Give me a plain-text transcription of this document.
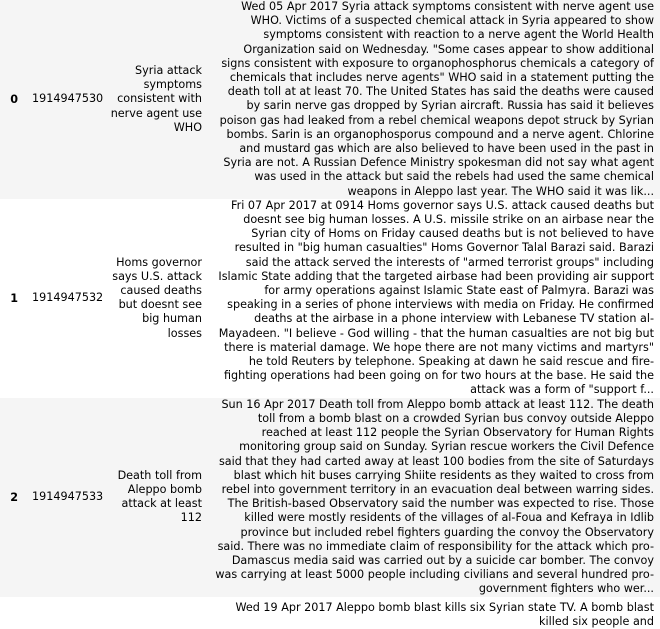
0	1914947530	Syria attack symptoms consistent with nerve agent use WHO	Wed 05 Apr 2017 Syria attack symptoms consistent with nerve agent use WHO. Victims of a suspected chemical attack in Syria appeared to show symptoms consistent with reaction to a nerve agent the World Health Organization said on Wednesday. "Some cases appear to show additional signs consistent with exposure to organophosphorus chemicals a category of chemicals that includes nerve agents" WHO said in a statement putting the death toll at at least 70. The United States has said the deaths were caused by sarin nerve gas dropped by Syrian aircraft. Russia has said it believes poison gas had leaked from a rebel chemical weapons depot struck by Syrian bombs. Sarin is an organophosporus compound and a nerve agent. Chlorine and mustard gas which are also believed to have been used in the past in Syria are not. A Russian Defence Ministry spokesman did not say what agent was used in the attack but said the rebels had used the same chemical weapons in Aleppo last year. The WHO said it was lik...
1	1914947532	Homs governor says U.S. attack caused deaths but doesnt see big human losses	Fri 07 Apr 2017 at 0914 Homs governor says U.S. attack caused deaths but doesnt see big human losses. A U.S. missile strike on an airbase near the Syrian city of Homs on Friday caused deaths but is not believed to have resulted in "big human casualties" Homs Governor Talal Barazi said. Barazi said the attack served the interests of "armed terrorist groups" including Islamic State adding that the targeted airbase had been providing air support for army operations against Islamic State east of Palmyra. Barazi was speaking in a series of phone interviews with media on Friday. He confirmed deaths at the airbase in a phone interview with Lebanese TV station al-Mayadeen. "I believe - God willing - that the human casualties are not big but there is material damage. We hope there are not many victims and martyrs" he told Reuters by telephone. Speaking at dawn he said rescue and fire-fighting operations had been going on for two hours at the base. He said the attack was a form of "support f...
2	1914947533	Death toll from Aleppo bomb attack at least 112	Sun 16 Apr 2017 Death toll from Aleppo bomb attack at least 112. The death toll from a bomb blast on a crowded Syrian bus convoy outside Aleppo reached at least 112 people the Syrian Observatory for Human Rights monitoring group said on Sunday. Syrian rescue workers the Civil Defence said that they had carted away at least 100 bodies from the site of Saturdays blast which hit buses carrying Shiite residents as they waited to cross from rebel into government territory in an evacuation deal between warring sides. The British-based Observatory said the number was expected to rise. Those killed were mostly residents of the villages of al-Foua and Kefraya in Idlib province but included rebel fighters guarding the convoy the Observatory said. There was no immediate claim of responsibility for the attack which pro-Damascus media said was carried out by a suicide car bomber. The convoy was carrying at least 5000 people including civilians and several hundred pro-government fighters who wer...
			Wed 19 Apr 2017 Aleppo bomb blast kills six Syrian state TV. A bomb blast killed six people and
